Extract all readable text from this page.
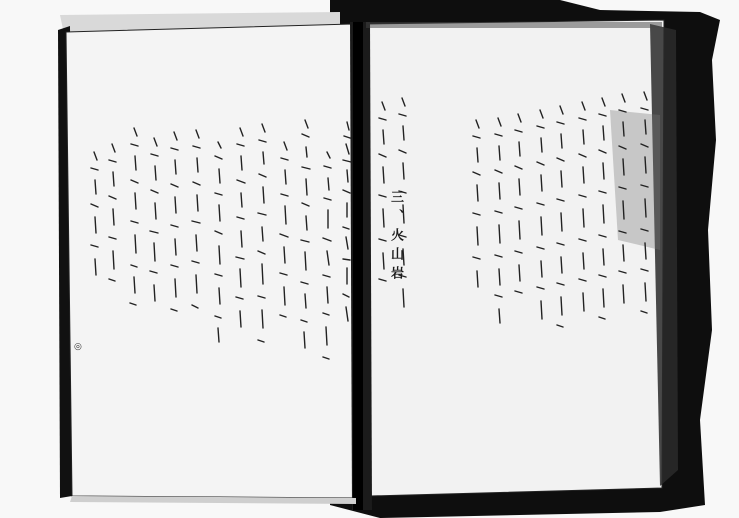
◎
三、火山岩
